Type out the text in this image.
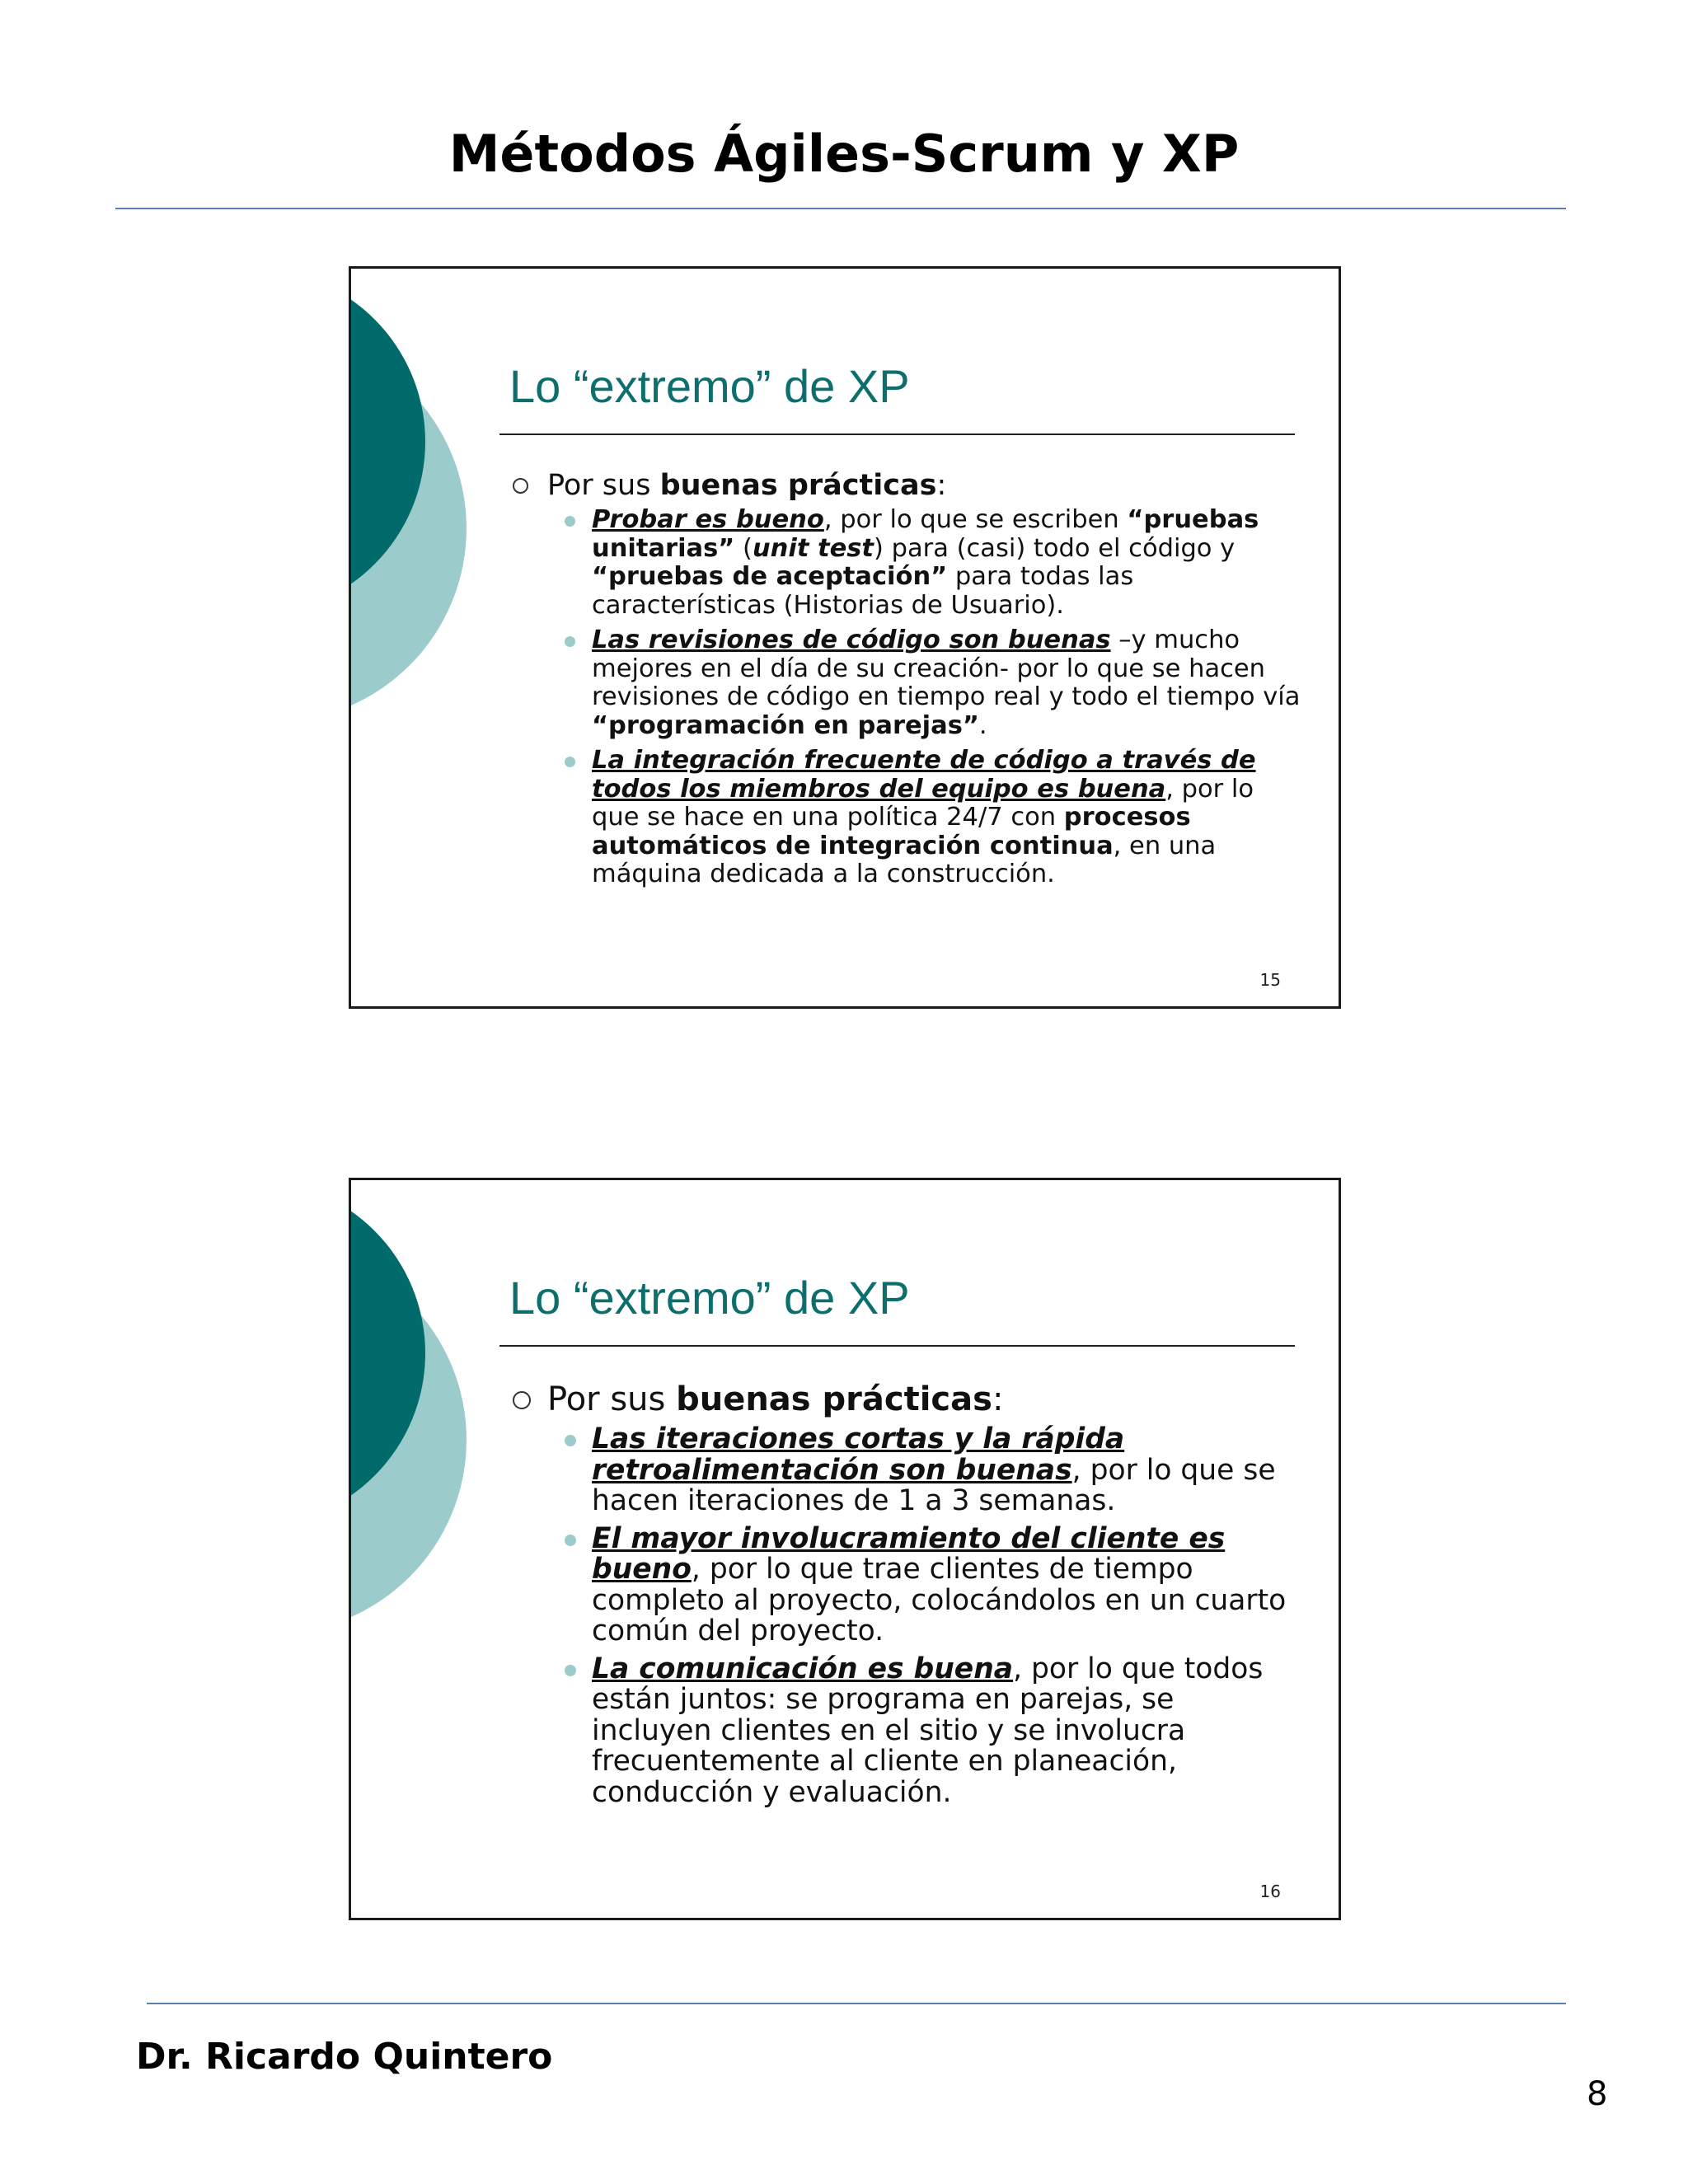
Métodos Ágiles-Scrum y XP
Lo “extremo” de XP
Por sus buenas prácticas:
Probar es bueno, por lo que se escriben “pruebas unitarias” (unit test) para (casi) todo el código y “pruebas de aceptación” para todas las características (Historias de Usuario).
Las revisiones de código son buenas –y mucho mejores en el día de su creación- por lo que se hacen revisiones de código en tiempo real y todo el tiempo vía “programación en parejas”.
La integración frecuente de código a través de todos los miembros del equipo es buena, por lo que se hace en una política 24/7 con procesos automáticos de integración continua, en una máquina dedicada a la construcción.
15
Lo “extremo” de XP
Por sus buenas prácticas:
Las iteraciones cortas y la rápida retroalimentación son buenas, por lo que se hacen iteraciones de 1 a 3 semanas.
El mayor involucramiento del cliente es bueno, por lo que trae clientes de tiempo completo al proyecto, colocándolos en un cuarto común del proyecto.
La comunicación es buena, por lo que todos están juntos: se programa en parejas, se incluyen clientes en el sitio y se involucra frecuentemente al cliente en planeación, conducción y evaluación.
16
Dr. Ricardo Quintero
8
